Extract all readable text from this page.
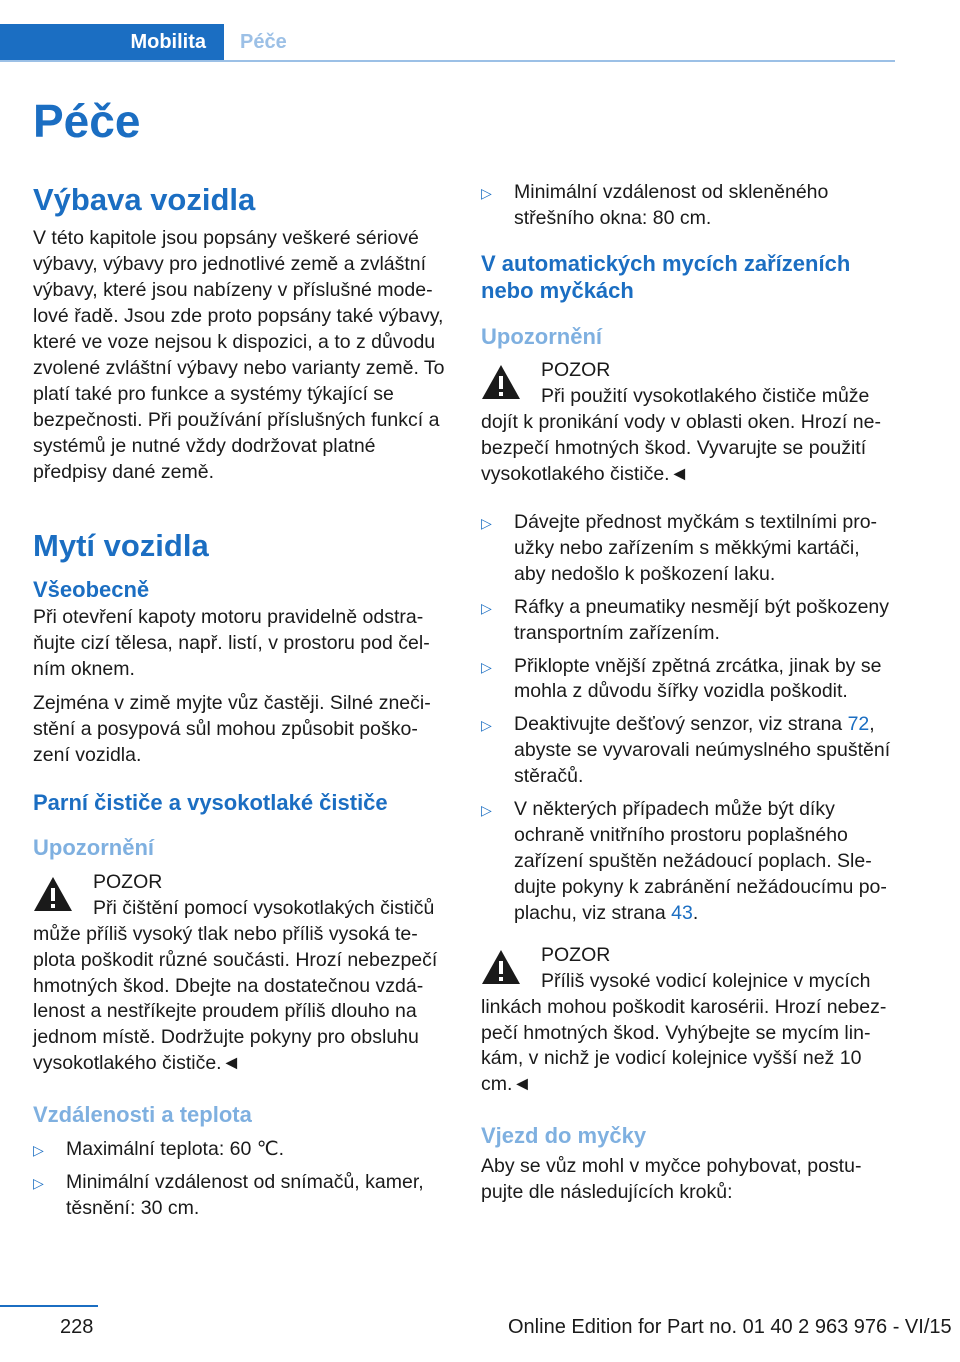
Mobilita	Péče
Péče
Výbava vozidla

V této kapitole jsou popsány veškeré sériové výbavy, výbavy pro jednotlivé země a zvláštní výbavy, které jsou nabízeny v příslušné modelové řadě. Jsou zde proto popsány také výbavy, které ve voze nejsou k dispozici, a to z důvodu zvolené zvláštní výbavy nebo varianty země. To platí také pro funkce a systémy týkající se bezpečnosti. Při používání příslušných funkcí a systémů je nutné vždy dodržovat platné předpisy dané země.

Mytí vozidla
Všeobecně

Při otevření kapoty motoru pravidelně odstraňujte cizí tělesa, např. listí, v prostoru pod čelním oknem.

Zejména v zimě myjte vůz častěji. Silné znečistění a posypová sůl mohou způsobit poškození vozidla.

Parní čističe a vysokotlaké čističe
Upozornění
POZOR
Při čištění pomocí vysokotlakých čističů může příliš vysoký tlak nebo příliš vysoká teplota poškodit různé součásti. Hrozí nebezpečí hmotných škod. Dbejte na dostatečnou vzdálenost a nestříkejte proudem příliš dlouho na jednom místě. Dodržujte pokyny pro obsluhu vysokotlakého čističe.◄
Vzdálenosti a teplota
▷ Maximální teplota: 60 ℃.
▷ Minimální vzdálenost od snímačů, kamer, těsnění: 30 cm.
▷ Minimální vzdálenost od skleněného střešního okna: 80 cm.
V automatických mycích zařízeních nebo myčkách
Upozornění
POZOR
Při použití vysokotlakého čističe může dojít k pronikání vody v oblasti oken. Hrozí nebezpečí hmotných škod. Vyvarujte se použití vysokotlakého čističe.◄
▷ Dávejte přednost myčkám s textilními proužky nebo zařízením s měkkými kartáči, aby nedošlo k poškození laku.
▷ Ráfky a pneumatiky nesmějí být poškozeny transportním zařízením.
▷ Přiklopte vnější zpětná zrcátka, jinak by se mohla z důvodu šířky vozidla poškodit.
▷ Deaktivujte dešťový senzor, viz strana 72, abyste se vyvarovali neúmyslného spuštění stěračů.
▷ V některých případech může být díky ochraně vnitřního prostoru poplašného zařízení spuštěn nežádoucí poplach. Sledujte pokyny k zabránění nežádoucímu poplachu, viz strana 43.
POZOR
Příliš vysoké vodicí kolejnice v mycích linkách mohou poškodit karosérii. Hrozí nebezpečí hmotných škod. Vyhýbejte se mycím linkám, v nichž je vodicí kolejnice vyšší než 10 cm.◄
Vjezd do myčky

Aby se vůz mohl v myčce pohybovat, postupujte dle následujících kroků:

228	Online Edition for Part no. 01 40 2 963 976 - VI/15
